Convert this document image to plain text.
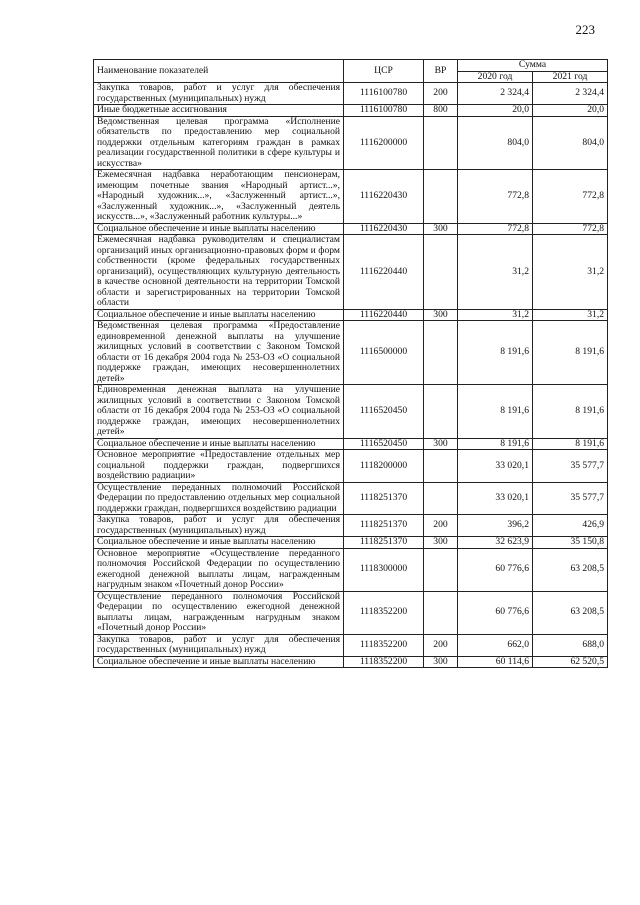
223
Наименование показателей	ЦСР	ВР	Сумма	
			2020 год	2021 год
Закупка товаров, работ и услуг для обеспечения государственных (муниципальных) нужд	1116100780	200	2 324,4	2 324,4
Иные бюджетные ассигнования	1116100780	800	20,0	20,0
Ведомственная целевая программа «Исполнение обязательств по предоставлению мер социальной поддержки отдельным категориям граждан в рамках реализации государственной политики в сфере культуры и искусства»	1116200000		804,0	804,0
Ежемесячная надбавка неработающим пенсионерам, имеющим почетные звания «Народный артист...», «Народный художник...», «Заслуженный артист...», «Заслуженный художник...», «Заслуженный деятель искусств...», «Заслуженный работник культуры...»	1116220430		772,8	772,8
Социальное обеспечение и иные выплаты населению	1116220430	300	772,8	772,8
Ежемесячная надбавка руководителям и специалистам организаций иных организационно-правовых форм и форм собственности (кроме федеральных государственных организаций), осуществляющих культурную деятельность в качестве основной деятельности на территории Томской области и зарегистрированных на территории Томской области	1116220440		31,2	31,2
Социальное обеспечение и иные выплаты населению	1116220440	300	31,2	31,2
Ведомственная целевая программа «Предоставление единовременной денежной выплаты на улучшение жилищных условий в соответствии с Законом Томской области от 16 декабря 2004 года № 253-ОЗ «О социальной поддержке граждан, имеющих несовершеннолетних детей»	1116500000		8 191,6	8 191,6
Единовременная денежная выплата на улучшение жилищных условий в соответствии с Законом Томской области от 16 декабря 2004 года № 253-ОЗ «О социальной поддержке граждан, имеющих несовершеннолетних детей»	1116520450		8 191,6	8 191,6
Социальное обеспечение и иные выплаты населению	1116520450	300	8 191,6	8 191,6
Основное мероприятие «Предоставление отдельных мер социальной поддержки граждан, подвергшихся воздействию радиации»	1118200000		33 020,1	35 577,7
Осуществление переданных полномочий Российской Федерации по предоставлению отдельных мер социальной поддержки граждан, подвергшихся воздействию радиации	1118251370		33 020,1	35 577,7
Закупка товаров, работ и услуг для обеспечения государственных (муниципальных) нужд	1118251370	200	396,2	426,9
Социальное обеспечение и иные выплаты населению	1118251370	300	32 623,9	35 150,8
Основное мероприятие «Осуществление переданного полномочия Российской Федерации по осуществлению ежегодной денежной выплаты лицам, награжденным нагрудным знаком «Почетный донор России»	1118300000		60 776,6	63 208,5
Осуществление переданного полномочия Российской Федерации по осуществлению ежегодной денежной выплаты лицам, награжденным нагрудным знаком «Почетный донор России»	1118352200		60 776,6	63 208,5
Закупка товаров, работ и услуг для обеспечения государственных (муниципальных) нужд	1118352200	200	662,0	688,0
Социальное обеспечение и иные выплаты населению	1118352200	300	60 114,6	62 520,5
